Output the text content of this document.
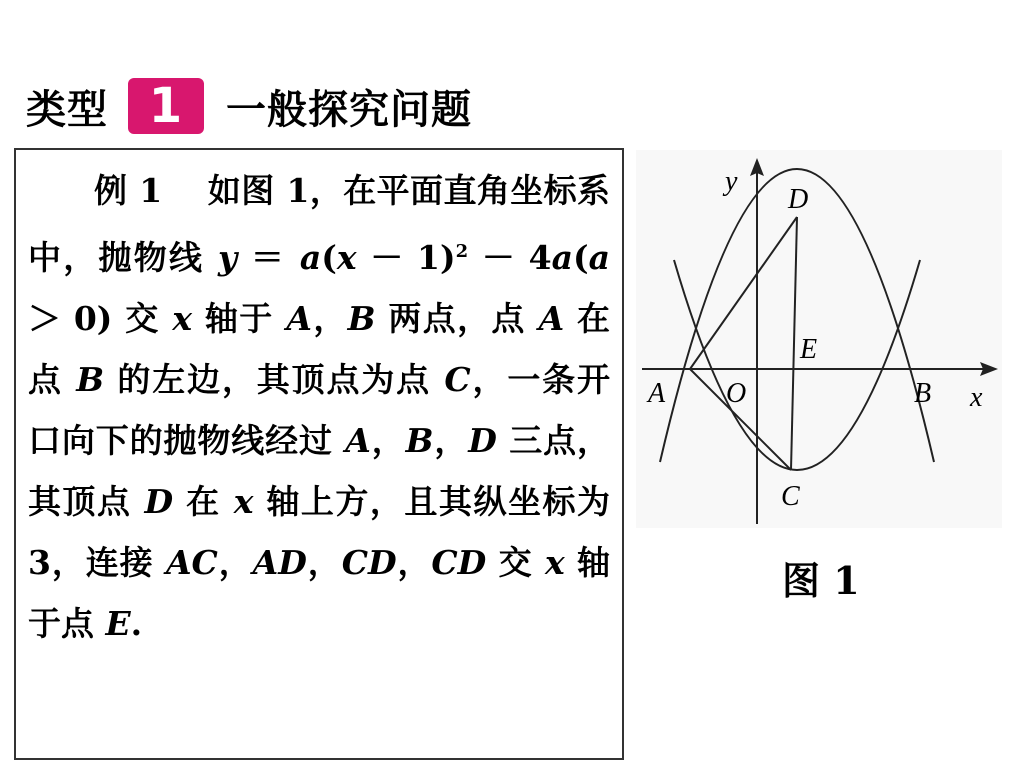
类型 1	一般探究问题

例 1　 如图 1，在平面直角坐标系中，抛物线 $y = a(x - 1)^2 - 4a(a > 0)$ 交 x 轴于 A，B 两点，点 A 在点 B 的左边，其顶点为点 C，一条开口向下的抛物线经过 A，B，D 三点，其顶点 D 在 x 轴上方，且其纵坐标为 3，连接 AC，AD，CD，CD 交 x 轴于点 E.

y
x
D
E
A O	B
C
图 1
